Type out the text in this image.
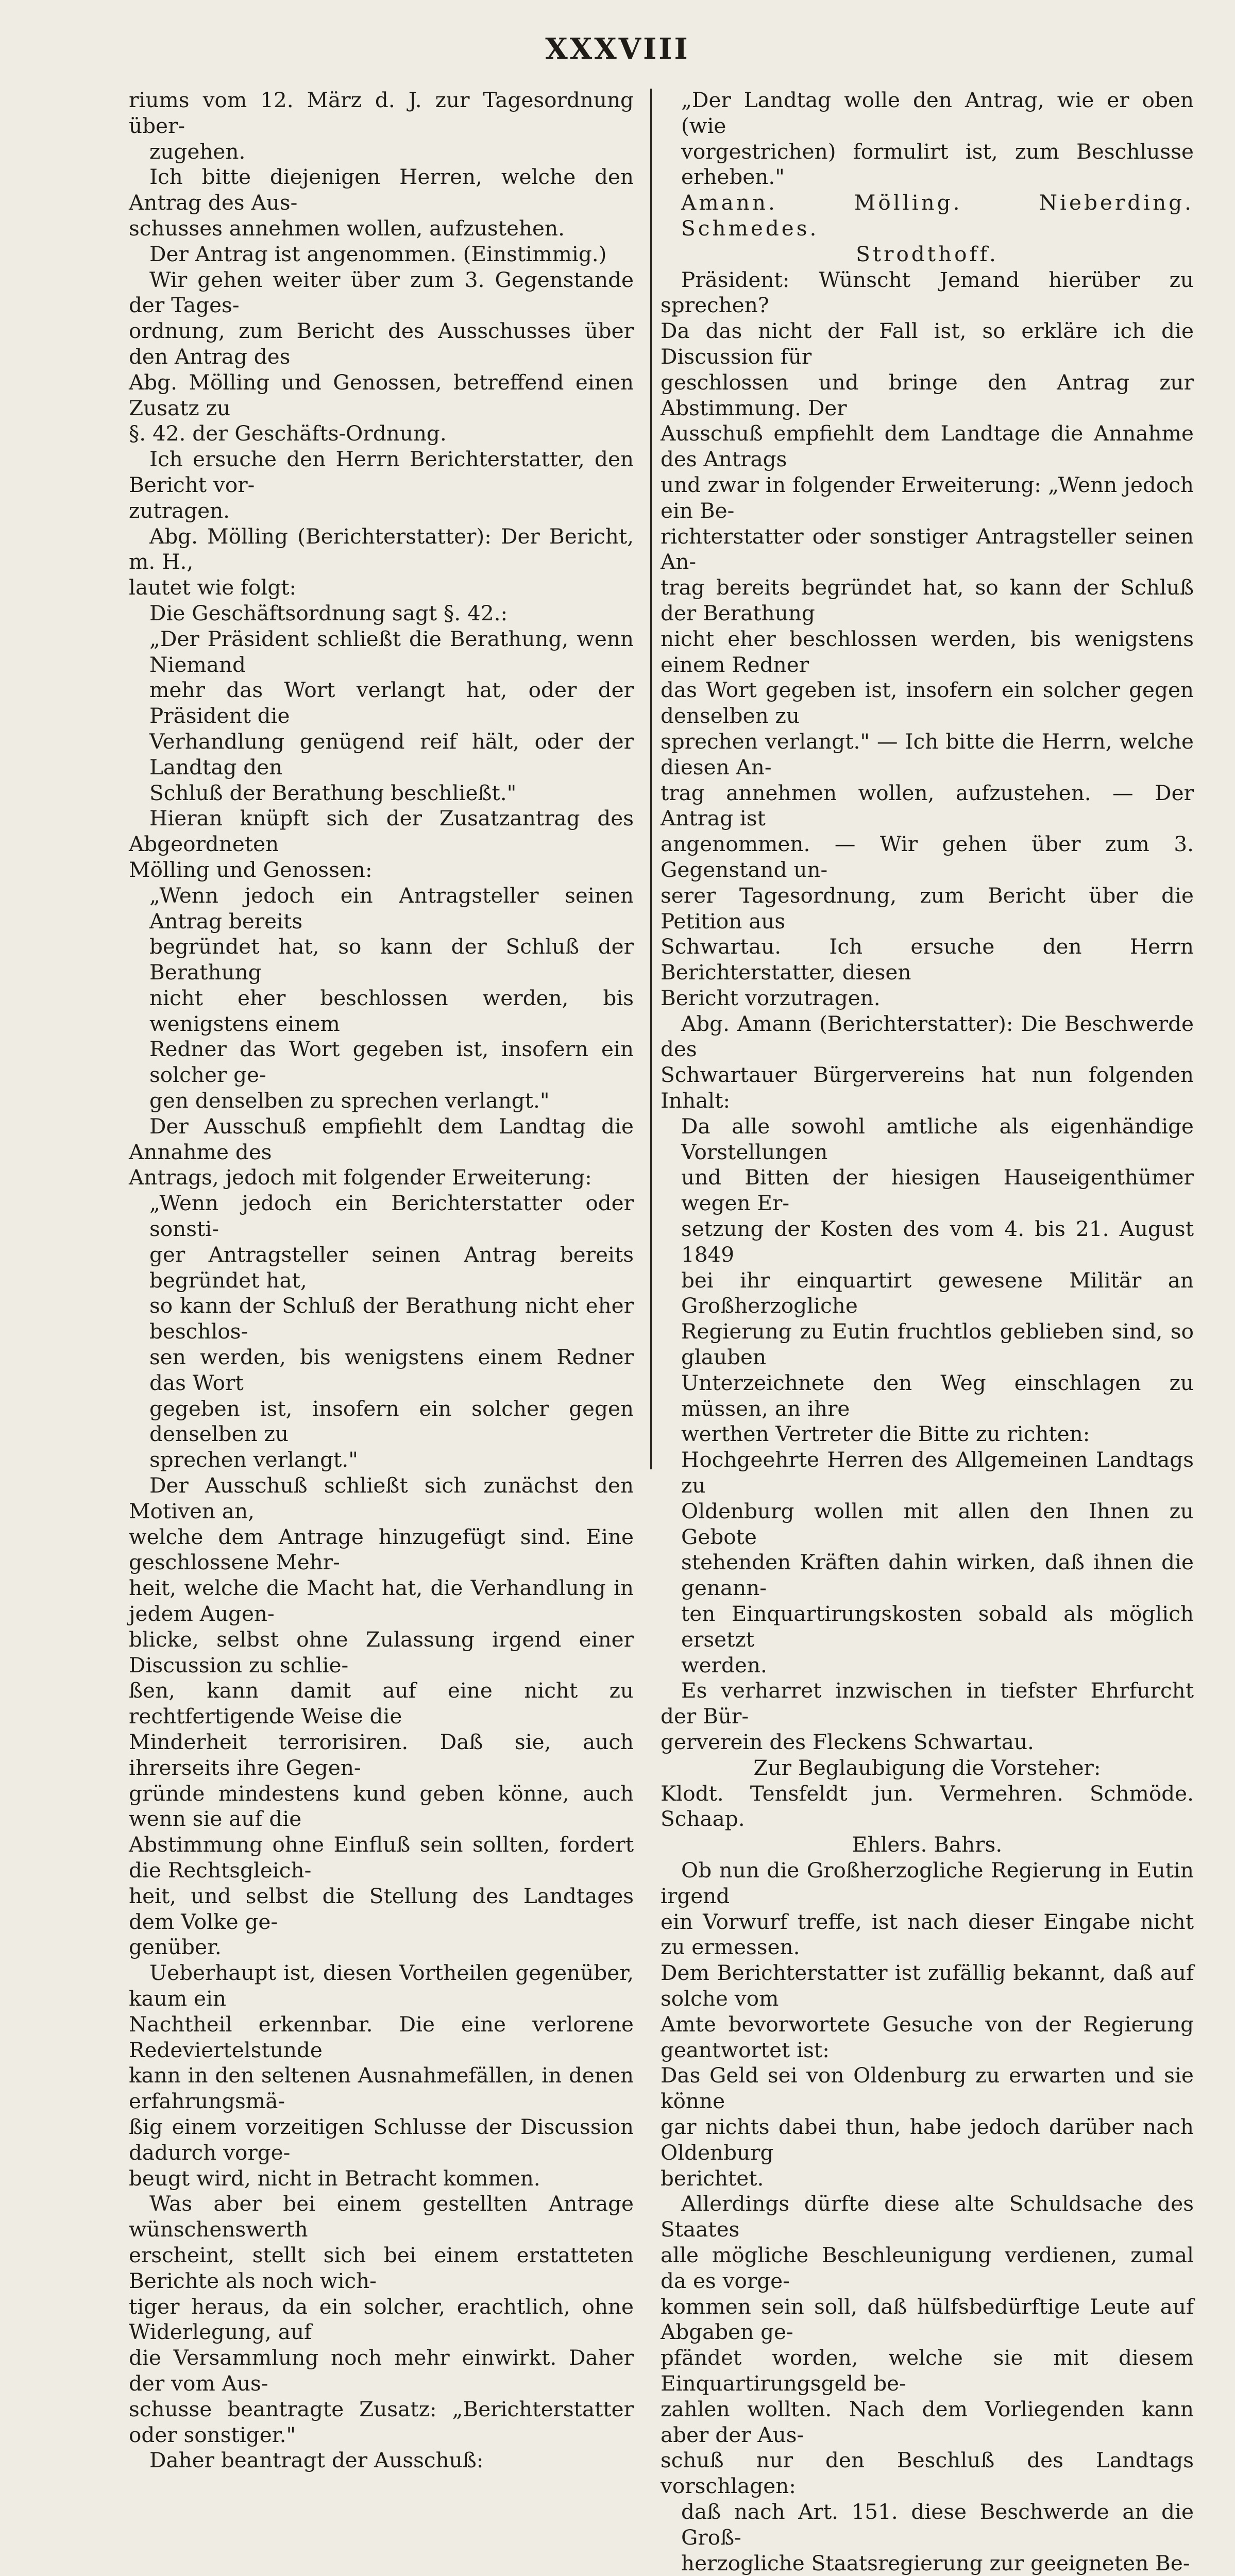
XXXVIII

riums vom 12. März d. J. zur Tagesordnung über-

zugehen.

Ich bitte diejenigen Herren, welche den Antrag des Aus-

schusses annehmen wollen, aufzustehen.

Der Antrag ist angenommen. (Einstimmig.)

Wir gehen weiter über zum 3. Gegenstande der Tages-

ordnung, zum Bericht des Ausschusses über den Antrag des

Abg. Mölling und Genossen, betreffend einen Zusatz zu

§. 42. der Geschäfts-Ordnung.

Ich ersuche den Herrn Berichterstatter, den Bericht vor-

zutragen.

Abg. Mölling (Berichterstatter): Der Bericht, m. H.,

lautet wie folgt:

Die Geschäftsordnung sagt §. 42.:

„Der Präsident schließt die Berathung, wenn Niemand

mehr das Wort verlangt hat, oder der Präsident die

Verhandlung genügend reif hält, oder der Landtag den

Schluß der Berathung beschließt."

Hieran knüpft sich der Zusatzantrag des Abgeordneten

Mölling und Genossen:

„Wenn jedoch ein Antragsteller seinen Antrag bereits

begründet hat, so kann der Schluß der Berathung

nicht eher beschlossen werden, bis wenigstens einem

Redner das Wort gegeben ist, insofern ein solcher ge-

gen denselben zu sprechen verlangt."

Der Ausschuß empfiehlt dem Landtag die Annahme des

Antrags, jedoch mit folgender Erweiterung:

„Wenn jedoch ein Berichterstatter oder sonsti-

ger Antragsteller seinen Antrag bereits begründet hat,

so kann der Schluß der Berathung nicht eher beschlos-

sen werden, bis wenigstens einem Redner das Wort

gegeben ist, insofern ein solcher gegen denselben zu

sprechen verlangt."

Der Ausschuß schließt sich zunächst den Motiven an,

welche dem Antrage hinzugefügt sind. Eine geschlossene Mehr-

heit, welche die Macht hat, die Verhandlung in jedem Augen-

blicke, selbst ohne Zulassung irgend einer Discussion zu schlie-

ßen, kann damit auf eine nicht zu rechtfertigende Weise die

Minderheit terrorisiren. Daß sie, auch ihrerseits ihre Gegen-

gründe mindestens kund geben könne, auch wenn sie auf die

Abstimmung ohne Einfluß sein sollten, fordert die Rechtsgleich-

heit, und selbst die Stellung des Landtages dem Volke ge-

genüber.

Ueberhaupt ist, diesen Vortheilen gegenüber, kaum ein

Nachtheil erkennbar. Die eine verlorene Redeviertelstunde

kann in den seltenen Ausnahmefällen, in denen erfahrungsmä-

ßig einem vorzeitigen Schlusse der Discussion dadurch vorge-

beugt wird, nicht in Betracht kommen.

Was aber bei einem gestellten Antrage wünschenswerth

erscheint, stellt sich bei einem erstatteten Berichte als noch wich-

tiger heraus, da ein solcher, erachtlich, ohne Widerlegung, auf

die Versammlung noch mehr einwirkt. Daher der vom Aus-

schusse beantragte Zusatz: „Berichterstatter oder sonstiger."

Daher beantragt der Ausschuß:

„Der Landtag wolle den Antrag, wie er oben (wie

vorgestrichen) formulirt ist, zum Beschlusse erheben."

Amann. Mölling. Nieberding. Schmedes.

Strodthoff.

Präsident: Wünscht Jemand hierüber zu sprechen?

Da das nicht der Fall ist, so erkläre ich die Discussion für

geschlossen und bringe den Antrag zur Abstimmung. Der

Ausschuß empfiehlt dem Landtage die Annahme des Antrags

und zwar in folgender Erweiterung: „Wenn jedoch ein Be-

richterstatter oder sonstiger Antragsteller seinen An-

trag bereits begründet hat, so kann der Schluß der Berathung

nicht eher beschlossen werden, bis wenigstens einem Redner

das Wort gegeben ist, insofern ein solcher gegen denselben zu

sprechen verlangt." — Ich bitte die Herrn, welche diesen An-

trag annehmen wollen, aufzustehen. — Der Antrag ist

angenommen. — Wir gehen über zum 3. Gegenstand un-

serer Tagesordnung, zum Bericht über die Petition aus

Schwartau. Ich ersuche den Herrn Berichterstatter, diesen

Bericht vorzutragen.

Abg. Amann (Berichterstatter): Die Beschwerde des

Schwartauer Bürgervereins hat nun folgenden Inhalt:

Da alle sowohl amtliche als eigenhändige Vorstellungen

und Bitten der hiesigen Hauseigenthümer wegen Er-

setzung der Kosten des vom 4. bis 21. August 1849

bei ihr einquartirt gewesene Militär an Großherzogliche

Regierung zu Eutin fruchtlos geblieben sind, so glauben

Unterzeichnete den Weg einschlagen zu müssen, an ihre

werthen Vertreter die Bitte zu richten:

Hochgeehrte Herren des Allgemeinen Landtags zu

Oldenburg wollen mit allen den Ihnen zu Gebote

stehenden Kräften dahin wirken, daß ihnen die genann-

ten Einquartirungskosten sobald als möglich ersetzt

werden.

Es verharret inzwischen in tiefster Ehrfurcht der Bür-

gerverein des Fleckens Schwartau.

Zur Beglaubigung die Vorsteher:

Klodt. Tensfeldt jun. Vermehren. Schmöde. Schaap.

Ehlers. Bahrs.

Ob nun die Großherzogliche Regierung in Eutin irgend

ein Vorwurf treffe, ist nach dieser Eingabe nicht zu ermessen.

Dem Berichterstatter ist zufällig bekannt, daß auf solche vom

Amte bevorwortete Gesuche von der Regierung geantwortet ist:

Das Geld sei von Oldenburg zu erwarten und sie könne

gar nichts dabei thun, habe jedoch darüber nach Oldenburg

berichtet.

Allerdings dürfte diese alte Schuldsache des Staates

alle mögliche Beschleunigung verdienen, zumal da es vorge-

kommen sein soll, daß hülfsbedürftige Leute auf Abgaben ge-

pfändet worden, welche sie mit diesem Einquartirungsgeld be-

zahlen wollten. Nach dem Vorliegenden kann aber der Aus-

schuß nur den Beschluß des Landtags vorschlagen:

daß nach Art. 151. diese Beschwerde an die Groß-

herzogliche Staatsregierung zur geeigneten Be-
